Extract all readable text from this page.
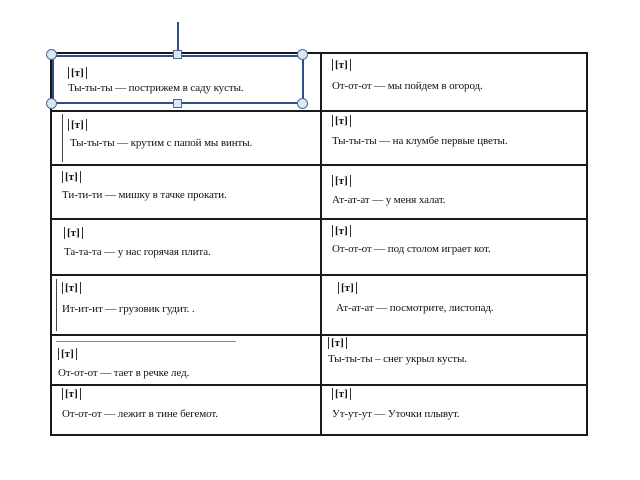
[т]
Ты-ты-ты — пострижем в саду кусты.
[т]
От-от-от — мы пойдем в огород.
[т]
Ты-ты-ты — крутим с папой мы винты.
[т]
Ты-ты-ты — на клумбе первые цветы.
[т]
Ти-ти-ти — мишку в тачке прокати.
[т]
Ат-ат-ат — у меня халат.
[т]
Та-та-та — у нас горячая плита.
[т]
От-от-от — под столом играет кот.
[т]
Ит-ит-ит — грузовик гудит. .
[т]
Ат-ат-ат — посмотрите, листопад.
[т]
От-от-от — тает в речке лед.
[т]
Ты-ты-ты – снег укрыл кусты.
[т]
От-от-от — лежит в тине бегемот.
[т]
Ут-ут-ут — Уточки плывут.
